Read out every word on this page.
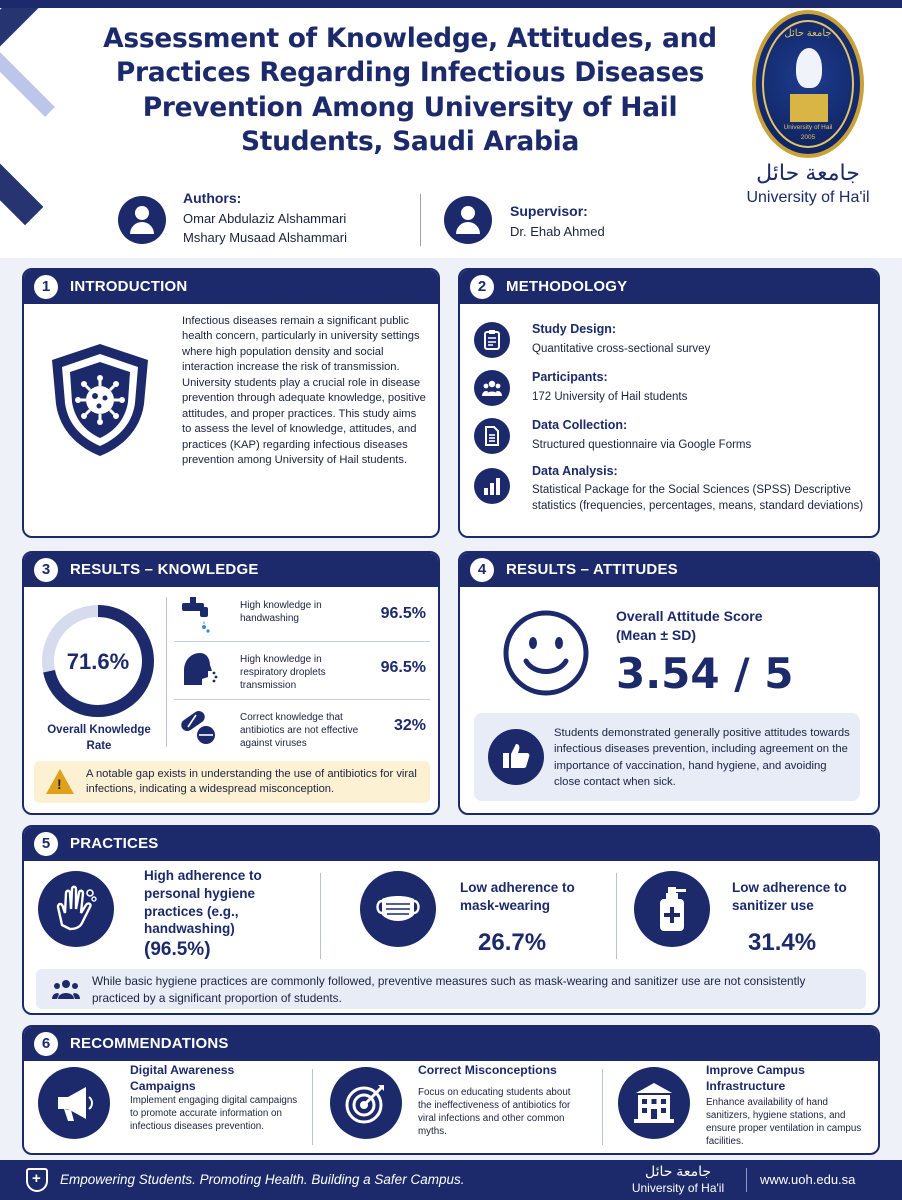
Assessment of Knowledge, Attitudes, and
Practices Regarding Infectious Diseases
Prevention Among University of Hail
Students, Saudi Arabia
جامعة حائل
University of Hail
2005
جامعة حائل
University of Ha'il
Authors:
Omar Abdulaziz Alshammari
Mshary Musaad Alshammari
Supervisor:
Dr. Ehab Ahmed
1	INTRODUCTION
Infectious diseases remain a significant public health concern, particularly in university settings where high population density and social interaction increase the risk of transmission. University students play a crucial role in disease prevention through adequate knowledge, positive attitudes, and proper practices. This study aims to assess the level of knowledge, attitudes, and practices (KAP) regarding infectious diseases prevention among University of Hail students.
2	METHODOLOGY
Study Design:
Quantitative cross-sectional survey
Participants:
172 University of Hail students
Data Collection:
Structured questionnaire via Google Forms
Data Analysis:
Statistical Package for the Social Sciences (SPSS) Descriptive statistics (frequencies, percentages, means, standard deviations)
3	RESULTS – KNOWLEDGE
71.6%
Overall Knowledge Rate
High knowledge in handwashing	96.5%
High knowledge in respiratory droplets transmission
96.5%
Correct knowledge that antibiotics are not effective against viruses
32%
!
A notable gap exists in understanding the use of antibiotics for viral infections, indicating a widespread misconception.
4	RESULTS – ATTITUDES
Overall Attitude Score (Mean ± SD)
3.54 / 5
Students demonstrated generally positive attitudes towards infectious diseases prevention, including agreement on the importance of vaccination, hand hygiene, and avoiding close contact when sick.
5	PRACTICES
High adherence to personal hygiene practices (e.g., handwashing)
(96.5%)
Low adherence to mask-wearing
26.7%
Low adherence to sanitizer use
31.4%
While basic hygiene practices are commonly followed, preventive measures such as mask-wearing and sanitizer use are not consistently practiced by a significant proportion of students.
6	RECOMMENDATIONS
Digital Awareness Campaigns
Implement engaging digital campaigns to promote accurate information on infectious diseases prevention.
Correct Misconceptions
Focus on educating students about the ineffectiveness of antibiotics for viral infections and other common myths.
Improve Campus Infrastructure
Enhance availability of hand sanitizers, hygiene stations, and ensure proper ventilation in campus facilities.
+ Empowering Students. Promoting Health. Building a Safer Campus.
جامعة حائل
University of Ha'il
www.uoh.edu.sa
